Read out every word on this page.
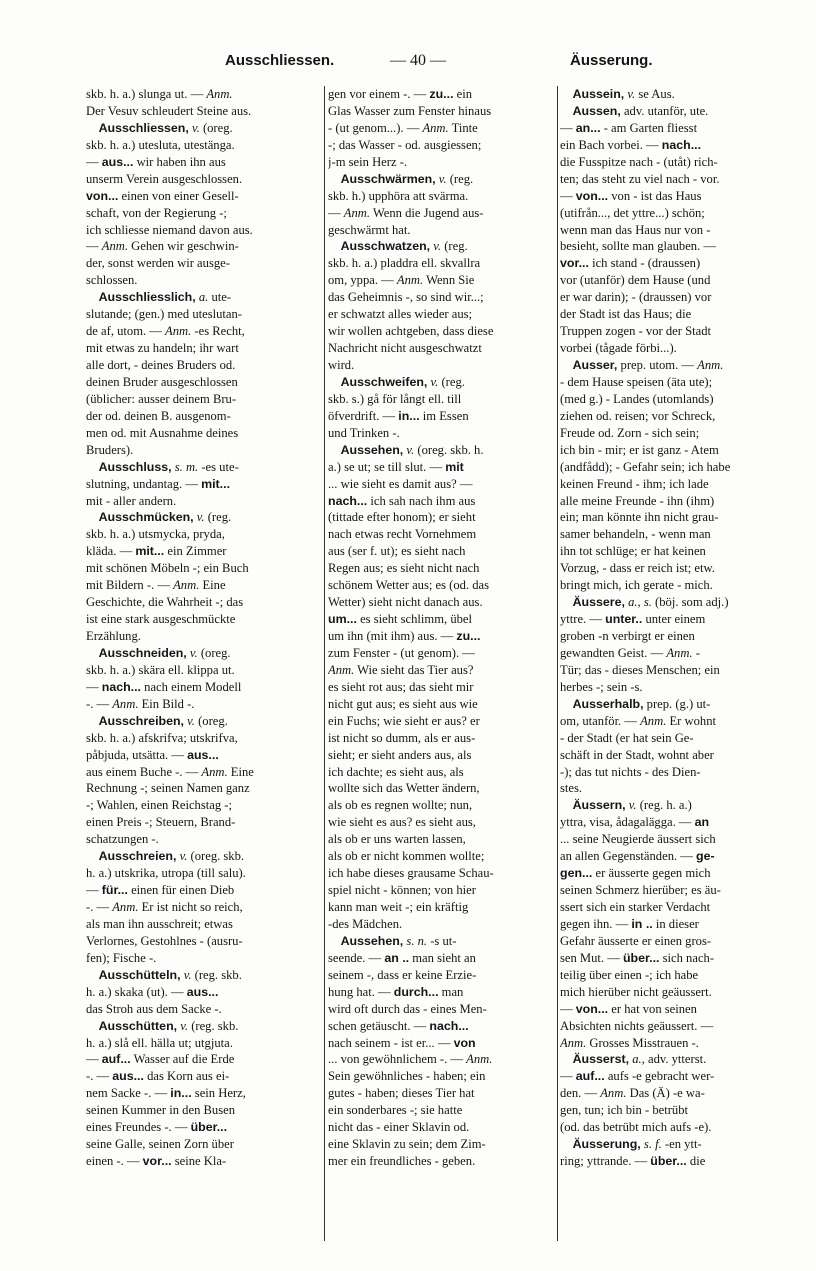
Ausschliessen.	— 40 —	Äusserung.
skb. h. a.) slunga ut. — Anm.
Der Vesuv schleudert Steine aus.
Ausschliessen, v. (oreg.
skb. h. a.) utesluta, utestänga.
— aus... wir haben ihn aus
unserm Verein ausgeschlossen.
von... einen von einer Gesell-
schaft, von der Regierung -;
ich schliesse niemand davon aus.
— Anm. Gehen wir geschwin-
der, sonst werden wir ausge-
schlossen.
Ausschliesslich, a. ute-
slutande; (gen.) med uteslutan-
de af, utom. — Anm. -es Recht,
mit etwas zu handeln; ihr wart
alle dort, - deines Bruders od.
deinen Bruder ausgeschlossen
(üblicher: ausser deinem Bru-
der od. deinen B. ausgenom-
men od. mit Ausnahme deines
Bruders).
Ausschluss, s. m. -es ute-
slutning, undantag. — mit...
mit - aller andern.
Ausschmücken, v. (reg.
skb. h. a.) utsmycka, pryda,
kläda. — mit... ein Zimmer
mit schönen Möbeln -; ein Buch
mit Bildern -. — Anm. Eine
Geschichte, die Wahrheit -; das
ist eine stark ausgeschmückte
Erzählung.
Ausschneiden, v. (oreg.
skb. h. a.) skära ell. klippa ut.
— nach... nach einem Modell
-. — Anm. Ein Bild -.
Ausschreiben, v. (oreg.
skb. h. a.) afskrifva; utskrifva,
påbjuda, utsätta. — aus...
aus einem Buche -. — Anm. Eine
Rechnung -; seinen Namen ganz
-; Wahlen, einen Reichstag -;
einen Preis -; Steuern, Brand-
schatzungen -.
Ausschreien, v. (oreg. skb.
h. a.) utskrika, utropa (till salu).
— für... einen für einen Dieb
-. — Anm. Er ist nicht so reich,
als man ihn ausschreit; etwas
Verlornes, Gestohlnes - (ausru-
fen); Fische -.
Ausschütteln, v. (reg. skb.
h. a.) skaka (ut). — aus...
das Stroh aus dem Sacke -.
Ausschütten, v. (reg. skb.
h. a.) slå ell. hälla ut; utgjuta.
— auf... Wasser auf die Erde
-. — aus... das Korn aus ei-
nem Sacke -. — in... sein Herz,
seinen Kummer in den Busen
eines Freundes -. — über...
seine Galle, seinen Zorn über
einen -. — vor... seine Kla-
gen vor einem -. — zu... ein
Glas Wasser zum Fenster hinaus
- (ut genom...). — Anm. Tinte
-; das Wasser - od. ausgiessen;
j-m sein Herz -.
Ausschwärmen, v. (reg.
skb. h.) upphöra att svärma.
— Anm. Wenn die Jugend aus-
geschwärmt hat.
Ausschwatzen, v. (reg.
skb. h. a.) pladdra ell. skvallra
om, yppa. — Anm. Wenn Sie
das Geheimnis -, so sind wir...;
er schwatzt alles wieder aus;
wir wollen achtgeben, dass diese
Nachricht nicht ausgeschwatzt
wird.
Ausschweifen, v. (reg.
skb. s.) gå för långt ell. till
öfverdrift. — in... im Essen
und Trinken -.
Aussehen, v. (oreg. skb. h.
a.) se ut; se till slut. — mit
... wie sieht es damit aus? —
nach... ich sah nach ihm aus
(tittade efter honom); er sieht
nach etwas recht Vornehmem
aus (ser f. ut); es sieht nach
Regen aus; es sieht nicht nach
schönem Wetter aus; es (od. das
Wetter) sieht nicht danach aus.
um... es sieht schlimm, übel
um ihn (mit ihm) aus. — zu...
zum Fenster - (ut genom). —
Anm. Wie sieht das Tier aus?
es sieht rot aus; das sieht mir
nicht gut aus; es sieht aus wie
ein Fuchs; wie sieht er aus? er
ist nicht so dumm, als er aus-
sieht; er sieht anders aus, als
ich dachte; es sieht aus, als
wollte sich das Wetter ändern,
als ob es regnen wollte; nun,
wie sieht es aus? es sieht aus,
als ob er uns warten lassen,
als ob er nicht kommen wollte;
ich habe dieses grausame Schau-
spiel nicht - können; von hier
kann man weit -; ein kräftig
-des Mädchen.
Aussehen, s. n. -s ut-
seende. — an .. man sieht an
seinem -, dass er keine Erzie-
hung hat. — durch... man
wird oft durch das - eines Men-
schen getäuscht. — nach...
nach seinem - ist er... — von
... von gewöhnlichem -. — Anm.
Sein gewöhnliches - haben; ein
gutes - haben; dieses Tier hat
ein sonderbares -; sie hatte
nicht das - einer Sklavin od.
eine Sklavin zu sein; dem Zim-
mer ein freundliches - geben.
Aussein, v. se Aus.
Aussen, adv. utanför, ute.
— an... - am Garten fliesst
ein Bach vorbei. — nach...
die Fusspitze nach - (utåt) rich-
ten; das steht zu viel nach - vor.
— von... von - ist das Haus
(utifrån..., det yttre...) schön;
wenn man das Haus nur von -
besieht, sollte man glauben. —
vor... ich stand - (draussen)
vor (utanför) dem Hause (und
er war darin); - (draussen) vor
der Stadt ist das Haus; die
Truppen zogen - vor der Stadt
vorbei (tågade förbi...).
Ausser, prep. utom. — Anm.
- dem Hause speisen (äta ute);
(med g.) - Landes (utomlands)
ziehen od. reisen; vor Schreck,
Freude od. Zorn - sich sein;
ich bin - mir; er ist ganz - Atem
(andfådd); - Gefahr sein; ich habe
keinen Freund - ihm; ich lade
alle meine Freunde - ihn (ihm)
ein; man könnte ihn nicht grau-
samer behandeln, - wenn man
ihn tot schlüge; er hat keinen
Vorzug, - dass er reich ist; etw.
bringt mich, ich gerate - mich.
Äussere, a., s. (böj. som adj.)
yttre. — unter.. unter einem
groben -n verbirgt er einen
gewandten Geist. — Anm. -
Tür; das - dieses Menschen; ein
herbes -; sein -s.
Ausserhalb, prep. (g.) ut-
om, utanför. — Anm. Er wohnt
- der Stadt (er hat sein Ge-
schäft in der Stadt, wohnt aber
-); das tut nichts - des Dien-
stes.
Äussern, v. (reg. h. a.)
yttra, visa, ådagalägga. — an
... seine Neugierde äussert sich
an allen Gegenständen. — ge-
gen... er äusserte gegen mich
seinen Schmerz hierüber; es äu-
ssert sich ein starker Verdacht
gegen ihn. — in .. in dieser
Gefahr äusserte er einen gros-
sen Mut. — über... sich nach-
teilig über einen -; ich habe
mich hierüber nicht geäussert.
— von... er hat von seinen
Absichten nichts geäussert. —
Anm. Grosses Misstrauen -.
Äusserst, a., adv. ytterst.
— auf... aufs -e gebracht wer-
den. — Anm. Das (Ä) -e wa-
gen, tun; ich bin - betrübt
(od. das betrübt mich aufs -e).
Äusserung, s. f. -en ytt-
ring; yttrande. — über... die
